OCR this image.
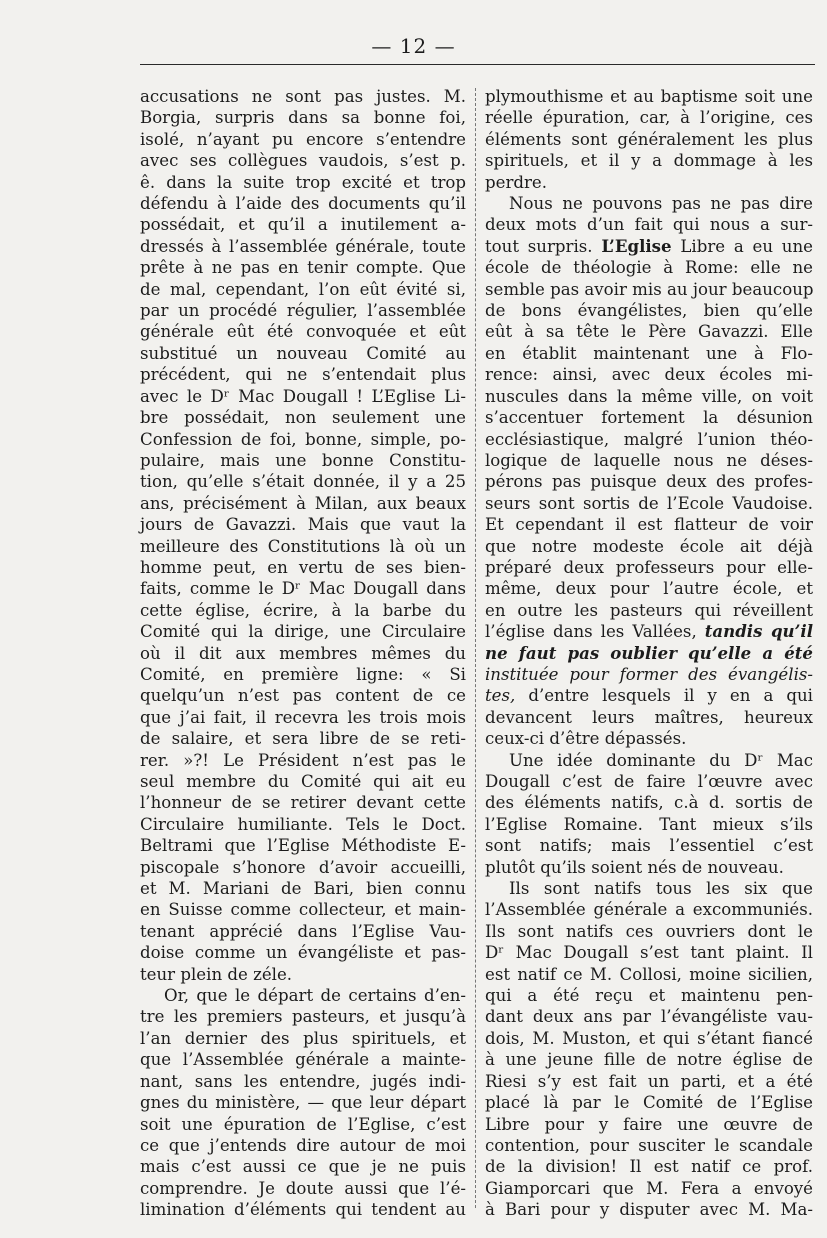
— 12 —
accusations ne sont pas justes. M.
Borgia, surpris dans sa bonne foi,
isolé, n’ayant pu encore s’entendre
avec ses collègues vaudois, s’est p.
ê. dans la suite trop excité et trop
défendu à l’aide des documents qu’il
possédait, et qu’il a inutilement a-
dressés à l’assemblée générale, toute
prête à ne pas en tenir compte. Que
de mal, cependant, l’on eût évité si,
par un procédé régulier, l’assemblée
générale eût été convoquée et eût
substitué un nouveau Comité au
précédent, qui ne s’entendait plus
avec le Dʳ Mac Dougall ! L’Eglise Li-
bre possédait, non seulement une
Confession de foi, bonne, simple, po-
pulaire, mais une bonne Constitu-
tion, qu’elle s’était donnée, il y a 25
ans, précisément à Milan, aux beaux
jours de Gavazzi. Mais que vaut la
meilleure des Constitutions là où un
homme peut, en vertu de ses bien-
faits, comme le Dʳ Mac Dougall dans
cette église, écrire, à la barbe du
Comité qui la dirige, une Circulaire
où il dit aux membres mêmes du
Comité, en première ligne: « Si
quelqu’un n’est pas content de ce
que j’ai fait, il recevra les trois mois
de salaire, et sera libre de se reti-
rer. »?! Le Président n’est pas le
seul membre du Comité qui ait eu
l’honneur de se retirer devant cette
Circulaire humiliante. Tels le Doct.
Beltrami que l’Eglise Méthodiste E-
piscopale s’honore d’avoir accueilli,
et M. Mariani de Bari, bien connu
en Suisse comme collecteur, et main-
tenant apprécié dans l’Eglise Vau-
doise comme un évangéliste et pas-
teur plein de zéle.
Or, que le départ de certains d’en-
tre les premiers pasteurs, et jusqu’à
l’an dernier des plus spirituels, et
que l’Assemblée générale a mainte-
nant, sans les entendre, jugés indi-
gnes du ministère, — que leur départ
soit une épuration de l’Eglise, c’est
ce que j’entends dire autour de moi
mais c’est aussi ce que je ne puis
comprendre. Je doute aussi que l’é-
limination d’éléments qui tendent au
plymouthisme et au baptisme soit une
réelle épuration, car, à l’origine, ces
éléments sont généralement les plus
spirituels, et il y a dommage à les
perdre.
Nous ne pouvons pas ne pas dire
deux mots d’un fait qui nous a sur-
tout surpris. L’Eglise Libre a eu une
école de théologie à Rome: elle ne
semble pas avoir mis au jour beaucoup
de bons évangélistes, bien qu’elle
eût à sa tête le Père Gavazzi. Elle
en établit maintenant une à Flo-
rence: ainsi, avec deux écoles mi-
nuscules dans la même ville, on voit
s’accentuer fortement la désunion
ecclésiastique, malgré l’union théo-
logique de laquelle nous ne déses-
pérons pas puisque deux des profes-
seurs sont sortis de l’Ecole Vaudoise.
Et cependant il est flatteur de voir
que notre modeste école ait déjà
préparé deux professeurs pour elle-
même, deux pour l’autre école, et
en outre les pasteurs qui réveillent
l’église dans les Vallées, tandis qu’il
ne faut pas oublier qu’elle a été
instituée pour former des évangélis-
tes, d’entre lesquels il y en a qui
devancent leurs maîtres, heureux
ceux-ci d’être dépassés.
Une idée dominante du Dʳ Mac
Dougall c’est de faire l’œuvre avec
des éléments natifs, c.à d. sortis de
l’Eglise Romaine. Tant mieux s’ils
sont natifs; mais l’essentiel c’est
plutôt qu’ils soient nés de nouveau.
Ils sont natifs tous les six que
l’Assemblée générale a excommuniés.
Ils sont natifs ces ouvriers dont le
Dʳ Mac Dougall s’est tant plaint. Il
est natif ce M. Collosi, moine sicilien,
qui a été reçu et maintenu pen-
dant deux ans par l’évangéliste vau-
dois, M. Muston, et qui s’étant fiancé
à une jeune fille de notre église de
Riesi s’y est fait un parti, et a été
placé là par le Comité de l’Eglise
Libre pour y faire une œuvre de
contention, pour susciter le scandale
de la division! Il est natif ce prof.
Giamporcari que M. Fera a envoyé
à Bari pour y disputer avec M. Ma-
